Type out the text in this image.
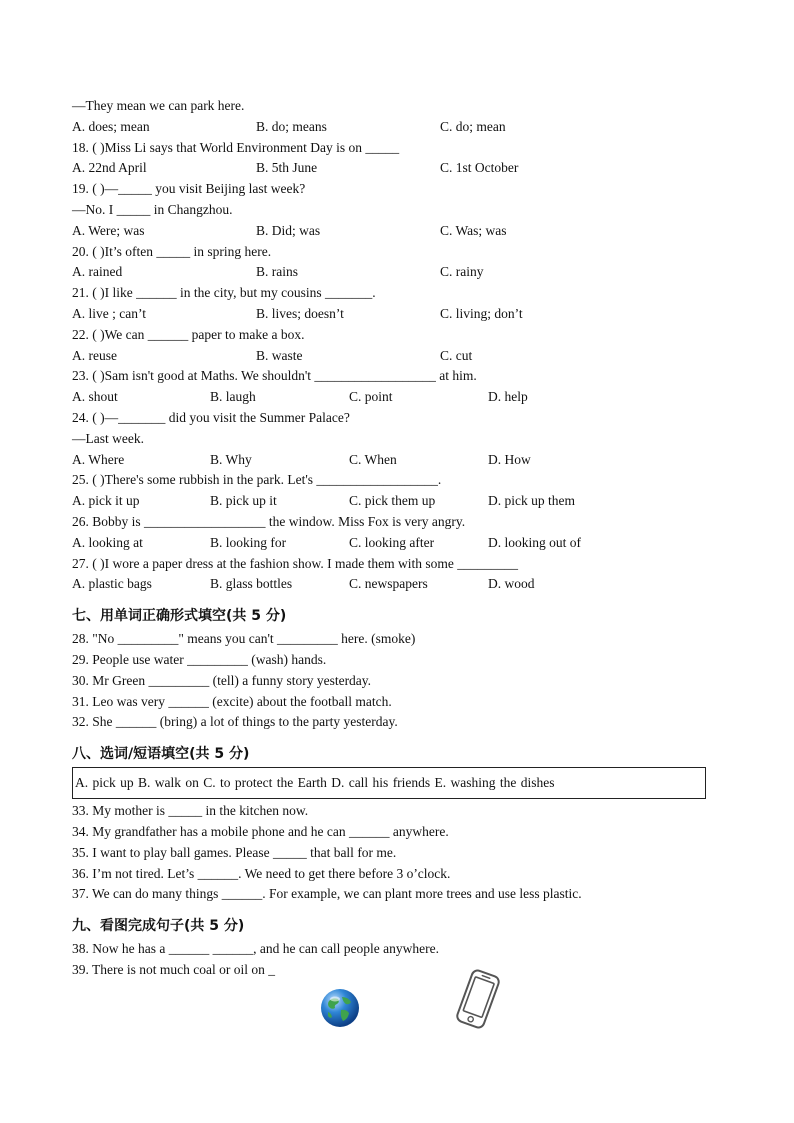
—They mean we can park here.
A. does; mean	B. do; means	C. do; mean
18. ( )Miss Li says that World Environment Day is on _____
A. 22nd April	B. 5th June	C. 1st October
19. ( )—_____ you visit Beijing last week?
—No. I _____ in Changzhou.
A. Were; was	B. Did; was	C. Was; was
20. ( )It’s often _____ in spring here.
A. rained	B. rains	C. rainy
21. ( )I like ______ in the city, but my cousins _______.
A. live ; can’t	B. lives; doesn’t	C. living; don’t
22. ( )We can ______ paper to make a box.
A. reuse	B. waste	C. cut
23. ( )Sam isn't good at Maths. We shouldn't __________________ at him.
A. shout	B. laugh	C. point	D. help
24. ( )—_______ did you visit the Summer Palace?
—Last week.
A. Where	B. Why	C. When	D. How
25. ( )There's some rubbish in the park. Let's __________________.
A. pick it up	B. pick up it	C. pick them up	D. pick up them
26. Bobby is __________________ the window. Miss Fox is very angry.
A. looking at	B. looking for	C. looking after	D. looking out of
27. ( )I wore a paper dress at the fashion show. I made them with some _________
A. plastic bags	B. glass bottles	C. newspapers	D. wood
七、用单词正确形式填空(共 5 分)
28. "No _________" means you can't _________ here. (smoke)
29. People use water _________ (wash) hands.
30. Mr Green _________ (tell) a funny story yesterday.
31. Leo was very ______ (excite) about the football match.
32. She ______ (bring) a lot of things to the party yesterday.
八、选词/短语填空(共 5 分)
A. pick up B. walk on C. to protect the Earth D. call his friends E. washing the dishes
33. My mother is _____ in the kitchen now.
34. My grandfather has a mobile phone and he can ______ anywhere.
35. I want to play ball games. Please _____ that ball for me.
36. I’m not tired. Let’s ______. We need to get there before 3 o’clock.
37. We can do many things ______. For example, we can plant more trees and use less plastic.
九、看图完成句子(共 5 分)
38. Now he has a ______ ______, and he can call people anywhere.
39. There is not much coal or oil on _
